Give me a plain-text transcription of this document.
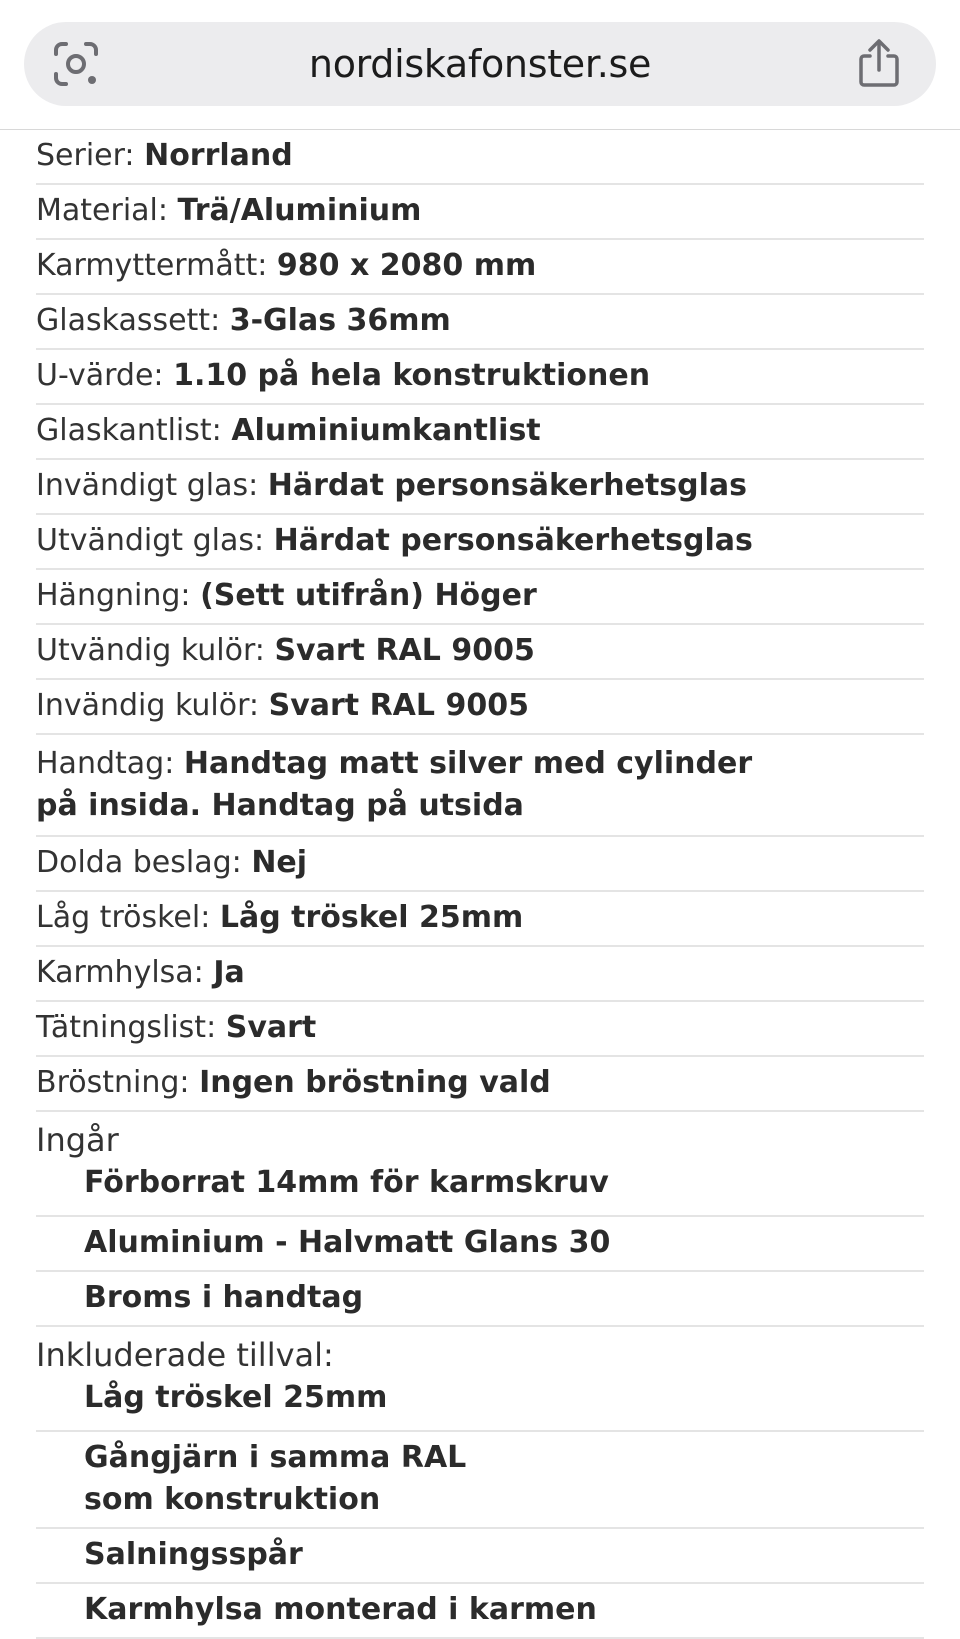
nordiskafonster.se
Serier: Norrland
Material: Trä/Aluminium
Karmyttermått: 980 x 2080 mm
Glaskassett: 3-Glas 36mm
U-värde: 1.10 på hela konstruktionen
Glaskantlist: Aluminiumkantlist
Invändigt glas: Härdat personsäkerhetsglas
Utvändigt glas: Härdat personsäkerhetsglas
Hängning: (Sett utifrån) Höger
Utvändig kulör: Svart RAL 9005
Invändig kulör: Svart RAL 9005
Handtag: Handtag matt silver med cylinder på insida. Handtag på utsida
Dolda beslag: Nej
Låg tröskel: Låg tröskel 25mm
Karmhylsa: Ja
Tätningslist: Svart
Bröstning: Ingen bröstning vald
Ingår
Förborrat 14mm för karmskruv
Aluminium - Halvmatt Glans 30
Broms i handtag
Inkluderade tillval:
Låg tröskel 25mm
Gångjärn i samma RAL som konstruktion
Salningsspår
Karmhylsa monterad i karmen
